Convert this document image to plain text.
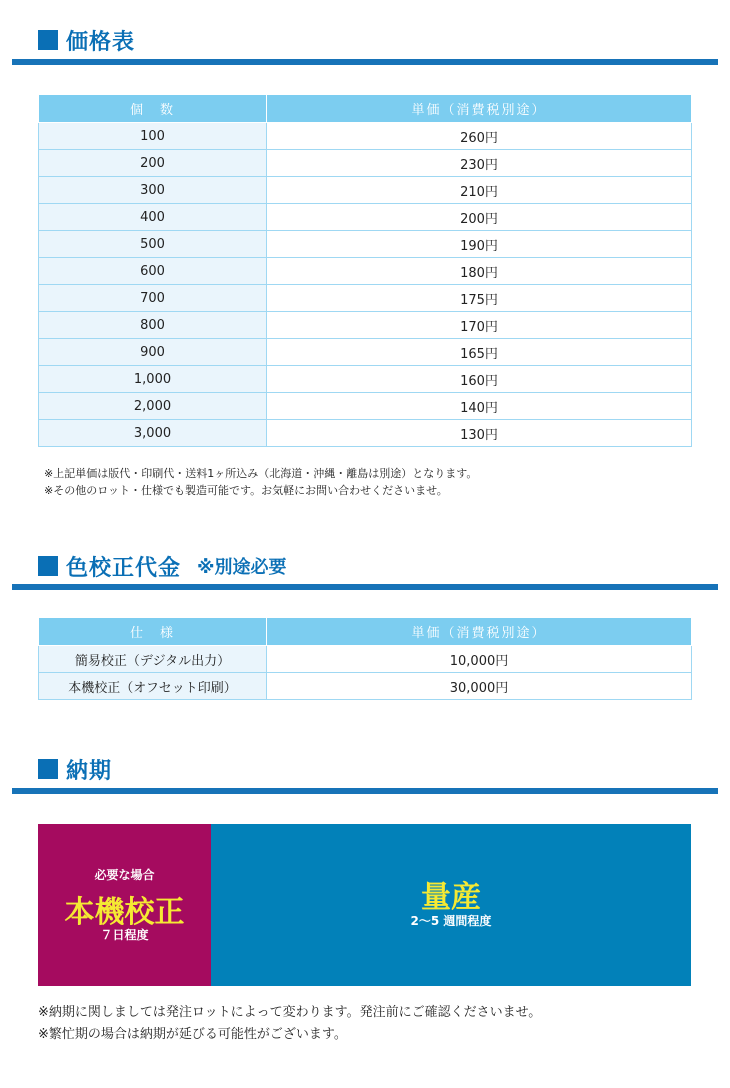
価格表
個　数	単価（消費税別途）
100	260円
200	230円
300	210円
400	200円
500	190円
600	180円
700	175円
800	170円
900	165円
1,000	160円
2,000	140円
3,000	130円
※上記単価は版代・印刷代・送料1ヶ所込み（北海道・沖縄・離島は別途）となります。
※その他のロット・仕様でも製造可能です。お気軽にお問い合わせくださいませ。
色校正代金 ※別途必要
仕　様	単価（消費税別途）
簡易校正（デジタル出力）	10,000円
本機校正（オフセット印刷）	30,000円
納期
必要な場合
本機校正
７日程度
量産
2～5 週間程度
※納期に関しましては発注ロットによって変わります。発注前にご確認くださいませ。
※繁忙期の場合は納期が延びる可能性がございます。
